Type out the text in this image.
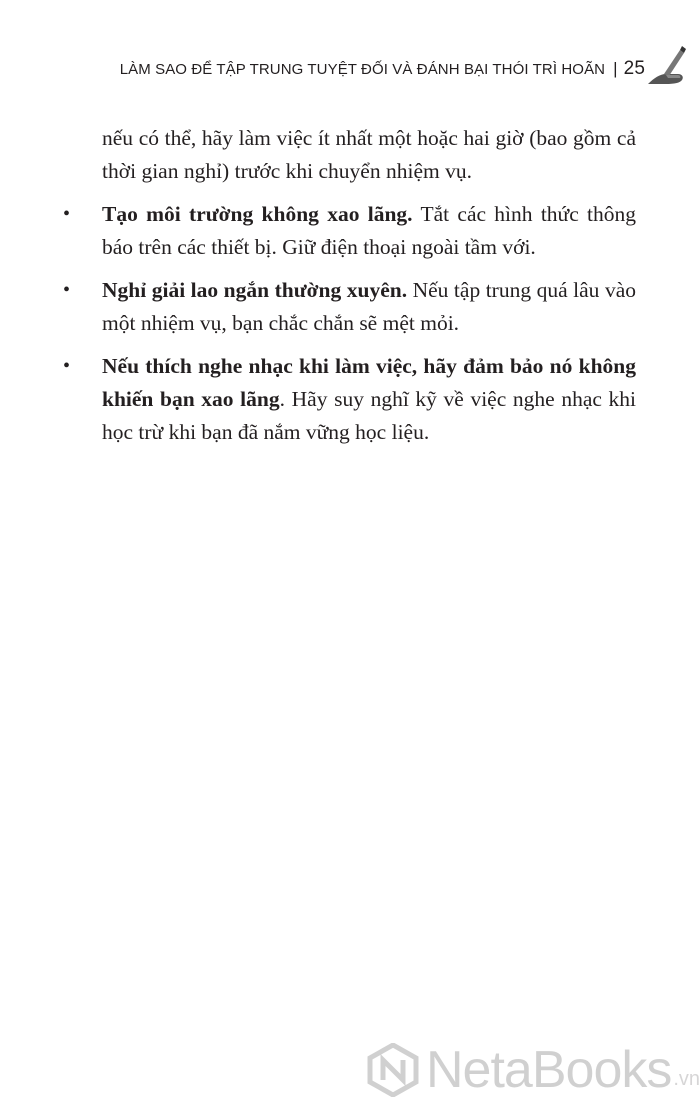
LÀM SAO ĐỂ TẬP TRUNG TUYỆT ĐỐI VÀ ĐÁNH BẠI THÓI TRÌ HOÃN | 25

nếu có thể, hãy làm việc ít nhất một hoặc hai giờ (bao gồm cả thời gian nghỉ) trước khi chuyển nhiệm vụ.

• Tạo môi trường không xao lãng. Tắt các hình thức thông báo trên các thiết bị. Giữ điện thoại ngoài tầm với.
• Nghỉ giải lao ngắn thường xuyên. Nếu tập trung quá lâu vào một nhiệm vụ, bạn chắc chắn sẽ mệt mỏi.
• Nếu thích nghe nhạc khi làm việc, hãy đảm bảo nó không khiến bạn xao lãng. Hãy suy nghĩ kỹ về việc nghe nhạc khi học trừ khi bạn đã nắm vững học liệu.
NetaBooks .vn
